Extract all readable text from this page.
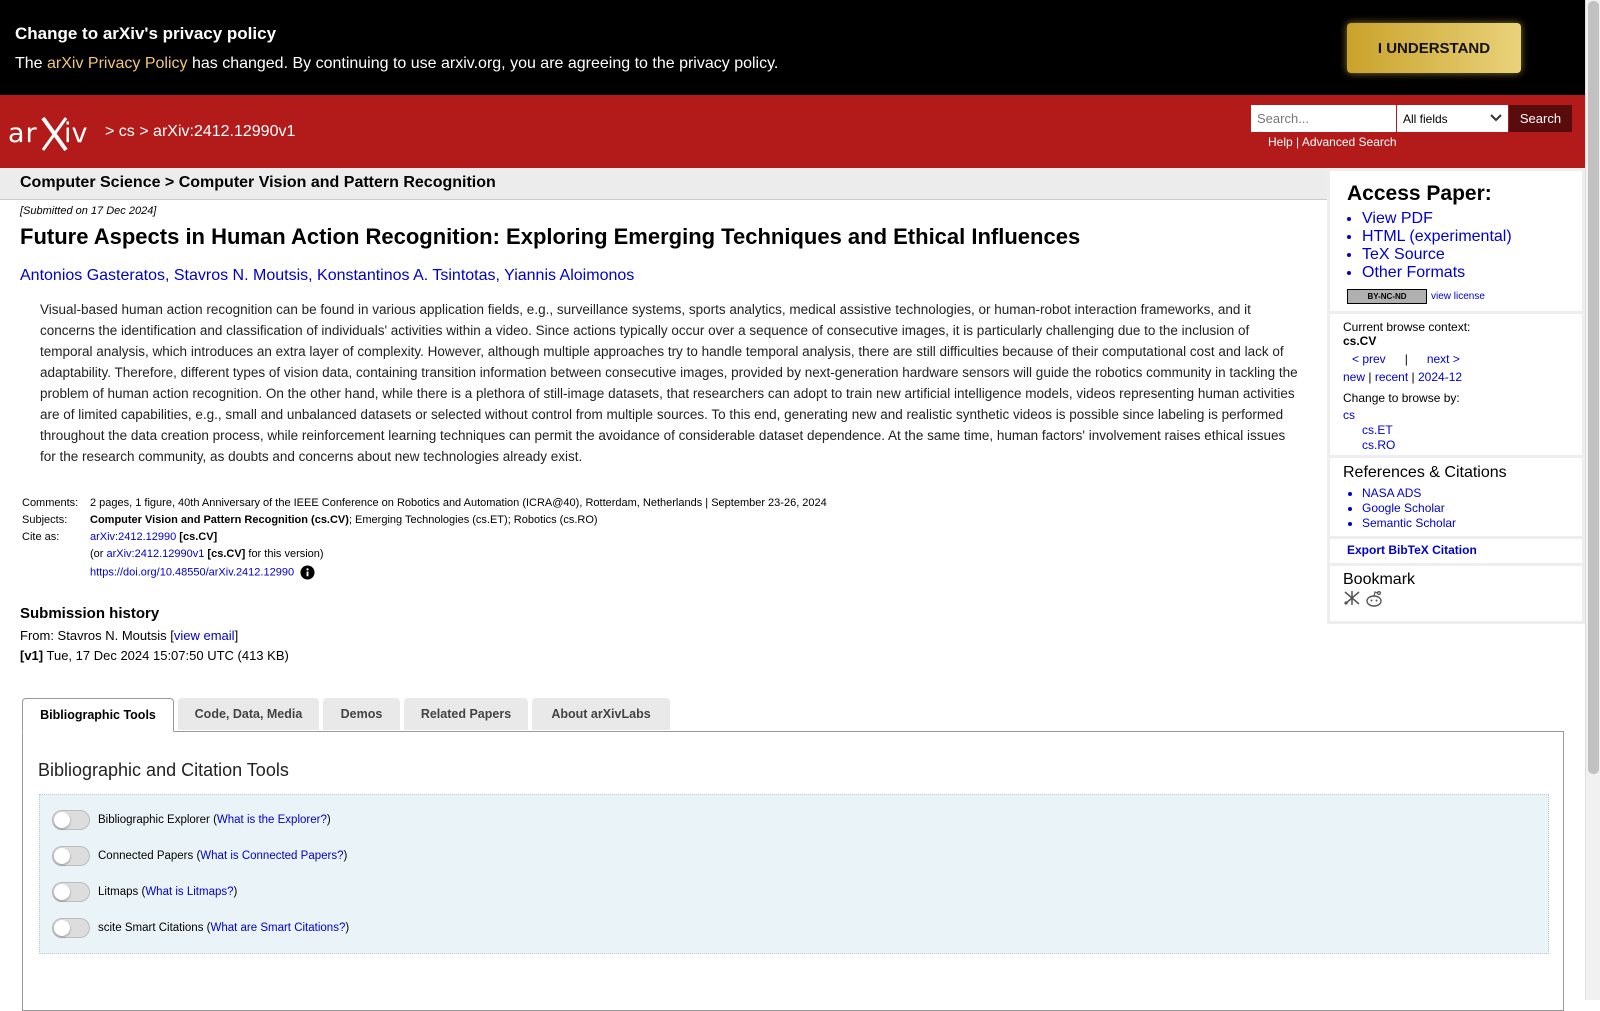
Change to arXiv's privacy policy
The arXiv Privacy Policy has changed. By continuing to use arxiv.org, you are agreeing to the privacy policy.
I UNDERSTAND
ar iv > cs > arXiv:2412.12990v1
Search...	All fields	Search
Help | Advanced Search
Computer Science > Computer Vision and Pattern Recognition
[Submitted on 17 Dec 2024]
Future Aspects in Human Action Recognition: Exploring Emerging Techniques and Ethical Influences
Antonios Gasteratos, Stavros N. Moutsis, Konstantinos A. Tsintotas, Yiannis Aloimonos
Visual-based human action recognition can be found in various application fields, e.g., surveillance systems, sports analytics, medical assistive technologies, or human-robot interaction frameworks, and it concerns the identification and classification of individuals' activities within a video. Since actions typically occur over a sequence of consecutive images, it is particularly challenging due to the inclusion of temporal analysis, which introduces an extra layer of complexity. However, although multiple approaches try to handle temporal analysis, there are still difficulties because of their computational cost and lack of adaptability. Therefore, different types of vision data, containing transition information between consecutive images, provided by next-generation hardware sensors will guide the robotics community in tackling the problem of human action recognition. On the other hand, while there is a plethora of still-image datasets, that researchers can adopt to train new artificial intelligence models, videos representing human activities are of limited capabilities, e.g., small and unbalanced datasets or selected without control from multiple sources. To this end, generating new and realistic synthetic videos is possible since labeling is performed throughout the data creation process, while reinforcement learning techniques can permit the avoidance of considerable dataset dependence. At the same time, human factors' involvement raises ethical issues for the research community, as doubts and concerns about new technologies already exist.
Comments:	2 pages, 1 figure, 40th Anniversary of the IEEE Conference on Robotics and Automation (ICRA@40), Rotterdam, Netherlands | September 23-26, 2024
Subjects:	Computer Vision and Pattern Recognition (cs.CV); Emerging Technologies (cs.ET); Robotics (cs.RO)
Cite as:	arXiv:2412.12990 [cs.CV]
	(or arXiv:2412.12990v1 [cs.CV] for this version)
	https://doi.org/10.48550/arXiv.2412.12990
Submission history
From: Stavros N. Moutsis [view email]
[v1] Tue, 17 Dec 2024 15:07:50 UTC (413 KB)
Access Paper:
• View PDF
• HTML (experimental)
• TeX Source
• Other Formats
BY-NC-ND	view license
Current browse context:
cs.CV
< prev | next >
new | recent | 2024-12
Change to browse by:
cs
cs.ET
cs.RO
References & Citations
• NASA ADS
• Google Scholar
• Semantic Scholar
Export BibTeX Citation
Bookmark
Bibliographic Tools	Code, Data, Media	Demos	Related Papers	About arXivLabs
Bibliographic and Citation Tools
Bibliographic Explorer ( What is the Explorer? )
Connected Papers ( What is Connected Papers? )
Litmaps ( What is Litmaps? )
scite Smart Citations ( What are Smart Citations? )
